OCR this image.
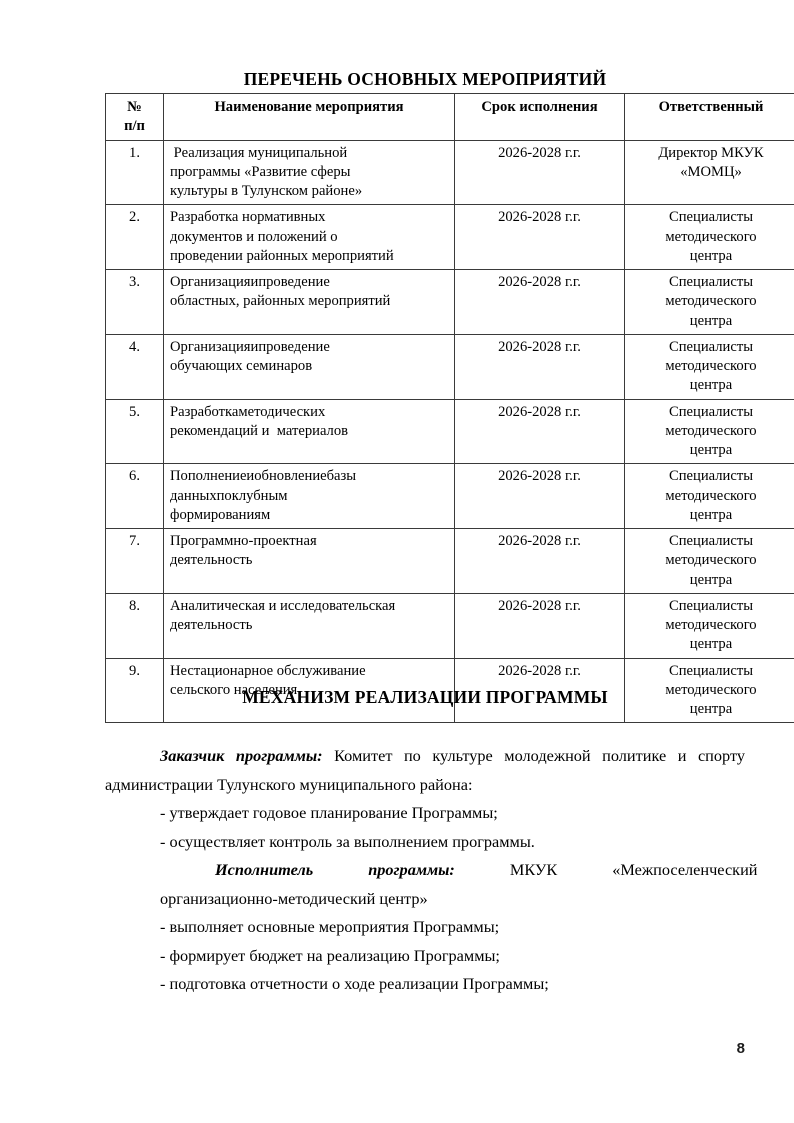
ПЕРЕЧЕНЬ ОСНОВНЫХ МЕРОПРИЯТИЙ
№
п/п	Наименование мероприятия	Срок исполнения	Ответственный
1.	Реализация муниципальной
программы «Развитие сферы
культуры в Тулунском районе»	2026-2028 г.г.	Директор МКУК
«МОМЦ»

2.	Разработка нормативных
документов и положений о
проведении районных мероприятий	2026-2028 г.г.	Специалисты
методического
центра

3.	Организацияипроведение
областных, районных мероприятий	2026-2028 г.г.	Специалисты
методического
центра

4.	Организацияипроведение
обучающих семинаров	2026-2028 г.г.	Специалисты
методического
центра

5.	Разработкаметодических
рекомендаций и  материалов	2026-2028 г.г.	Специалисты
методического
центра

6.	Пополнениеиобновлениебазы
данныхпоклубным
формированиям	2026-2028 г.г.	Специалисты
методического
центра

7.	Программно-проектная
деятельность	2026-2028 г.г.	Специалисты
методического
центра

8.	Аналитическая и исследовательская
деятельность	2026-2028 г.г.	Специалисты
методического
центра

9.	Нестационарное обслуживание
сельского населения	2026-2028 г.г.	Специалисты
методического
центра
МЕХАНИЗМ РЕАЛИЗАЦИИ ПРОГРАММЫ

Заказчик программы: Комитет по культуре молодежной политике и спорту администрации Тулунского муниципального района:

- утверждает годовое планирование Программы;

- осуществляет контроль за выполнением программы.

Исполнитель	программы:	МКУК	«Межпоселенческий
организационно-методический центр»

- выполняет основные мероприятия Программы;

- формирует бюджет на реализацию Программы;

- подготовка отчетности о ходе реализации Программы;

8
